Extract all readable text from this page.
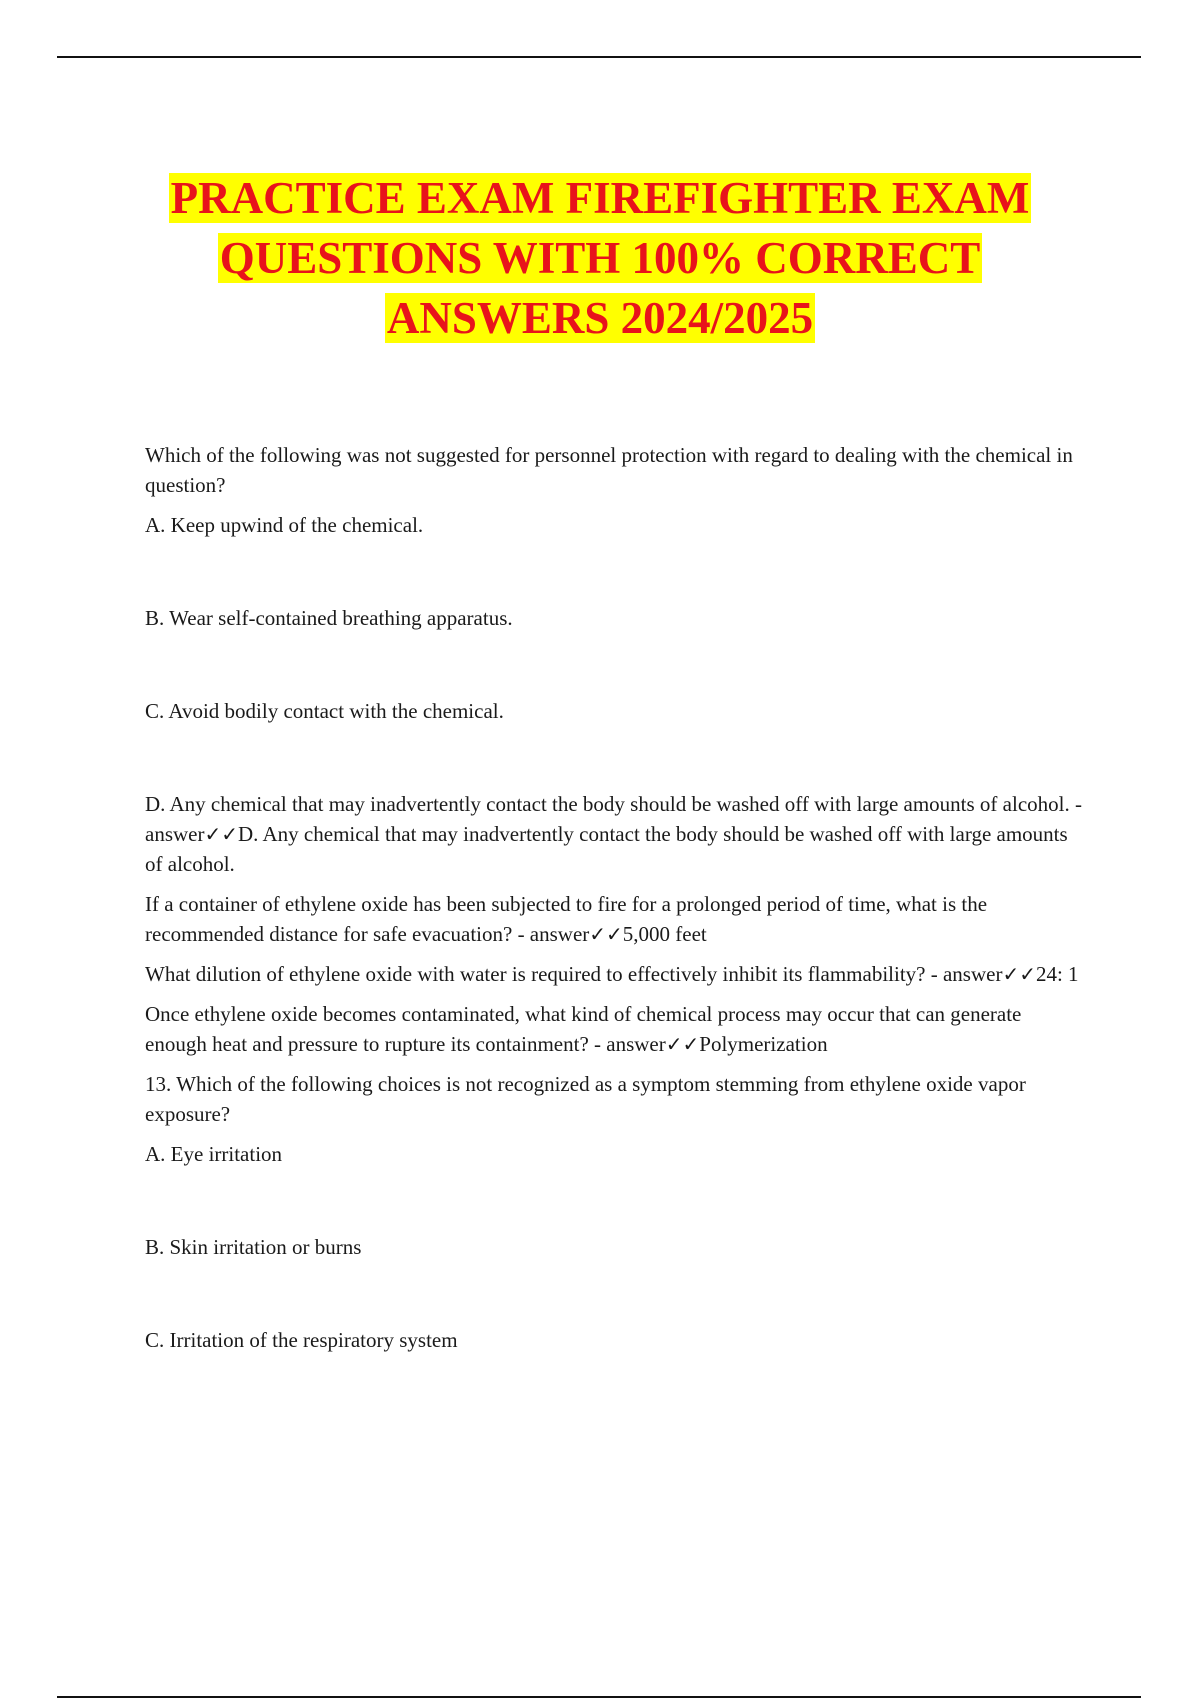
PRACTICE EXAM FIREFIGHTER EXAM
QUESTIONS WITH 100% CORRECT
ANSWERS 2024/2025

Which of the following was not suggested for personnel protection with regard to dealing with the chemical in question?

A. Keep upwind of the chemical.

B. Wear self-contained breathing apparatus.

C. Avoid bodily contact with the chemical.

D. Any chemical that may inadvertently contact the body should be washed off with large amounts of alcohol. - answer✓✓D. Any chemical that may inadvertently contact the body should be washed off with large amounts of alcohol.

If a container of ethylene oxide has been subjected to fire for a prolonged period of time, what is the recommended distance for safe evacuation? - answer✓✓5,000 feet

What dilution of ethylene oxide with water is required to effectively inhibit its flammability? - answer✓✓24: 1

Once ethylene oxide becomes contaminated, what kind of chemical process may occur that can generate enough heat and pressure to rupture its containment? - answer✓✓Polymerization

13. Which of the following choices is not recognized as a symptom stemming from ethylene oxide vapor exposure?

A. Eye irritation

B. Skin irritation or burns

C. Irritation of the respiratory system
